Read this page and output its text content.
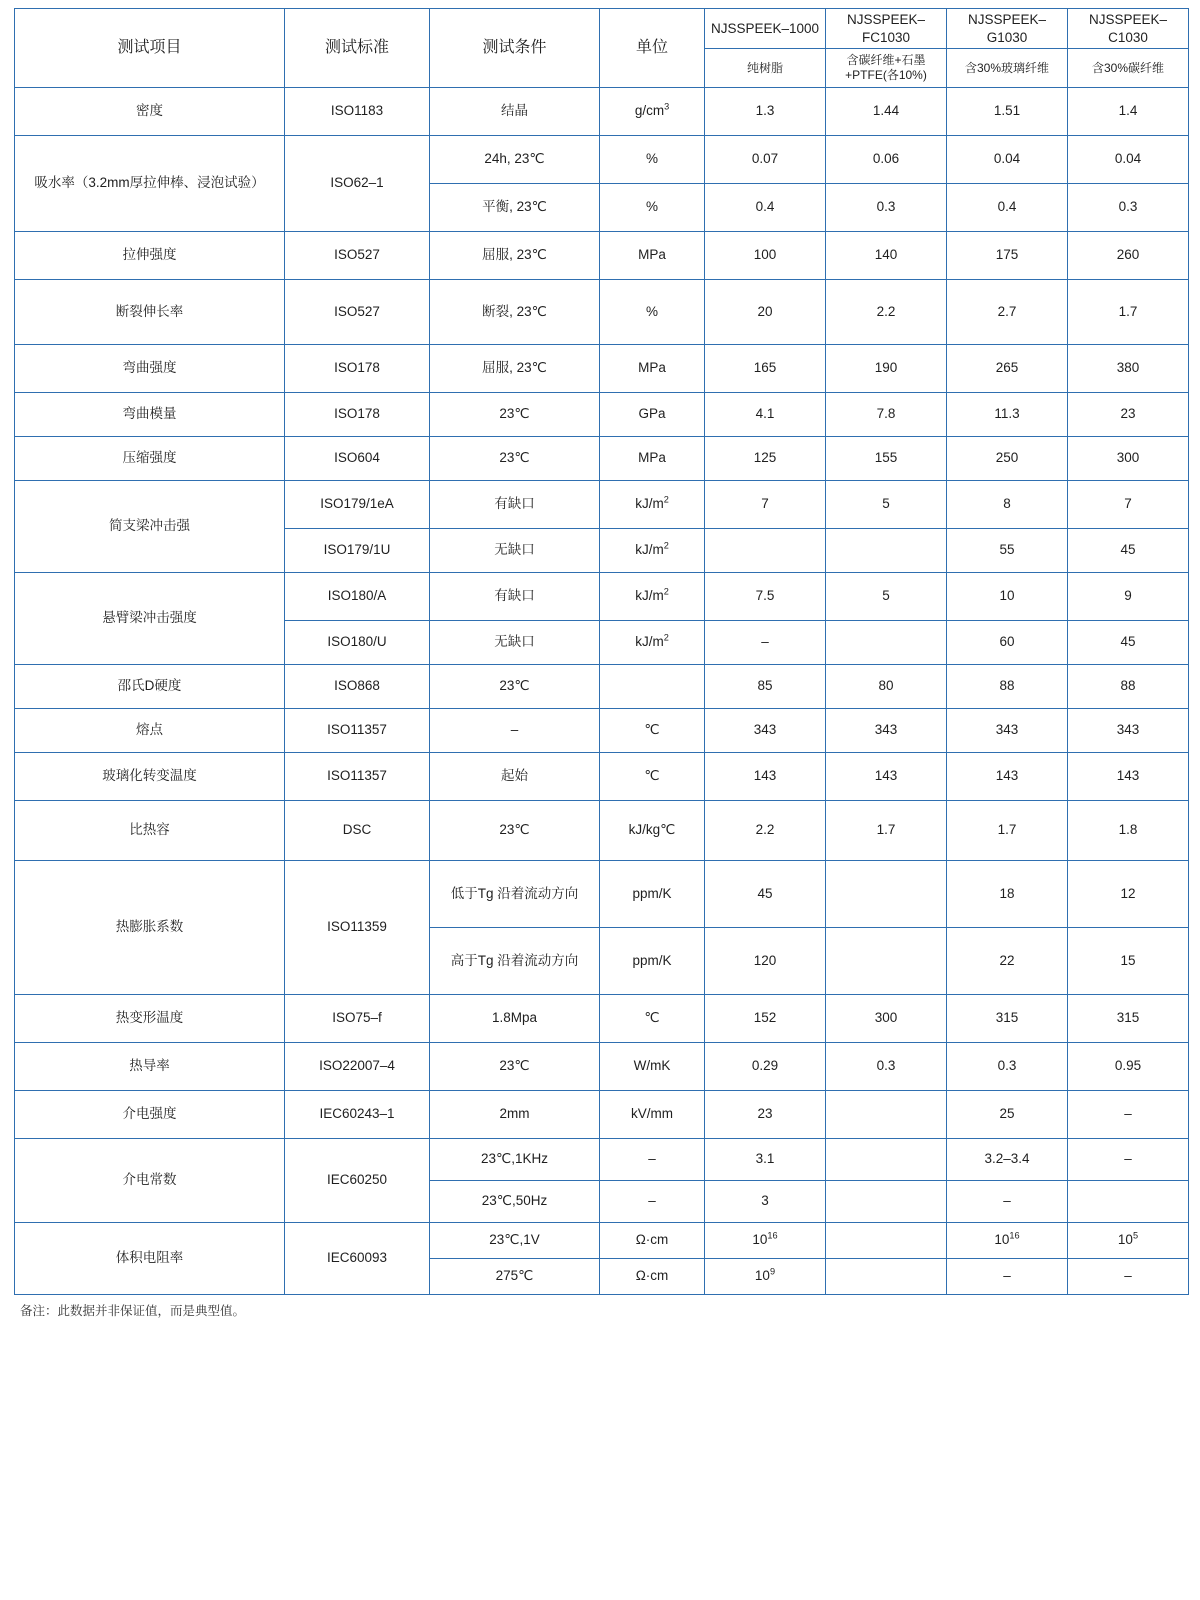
测试项目	测试标准	测试条件	单位	NJSSPEEK–1000	NJSSPEEK–FC1030	NJSSPEEK–G1030	NJSSPEEK–C1030
				纯树脂	含碳纤维+石墨+PTFE(各10%)	含30%玻璃纤维	含30%碳纤维
密度	ISO1183	结晶	$g/cm^3$	1.3	1.44	1.51	1.4
吸水率（3.2mm厚拉伸棒、浸泡试验）	ISO62–1	24h, 23℃	%	0.07	0.06	0.04	0.04
		平衡, 23℃	%	0.4	0.3	0.4	0.3
拉伸强度	ISO527	屈服, 23℃	MPa	100	140	175	260
断裂伸长率	ISO527	断裂, 23℃	%	20	2.2	2.7	1.7
弯曲强度	ISO178	屈服, 23℃	MPa	165	190	265	380
弯曲模量	ISO178	23℃	GPa	4.1	7.8	11.3	23
压缩强度	ISO604	23℃	MPa	125	155	250	300
简支梁冲击强	ISO179/1eA	有缺口	$kJ/m^2$	7	5	8	7
	ISO179/1U	无缺口	$kJ/m^2$			55	45
悬臂梁冲击强度	ISO180/A	有缺口	$kJ/m^2$	7.5	5	10	9
	ISO180/U	无缺口	$kJ/m^2$	–		60	45
邵氏D硬度	ISO868	23℃		85	80	88	88
熔点	ISO11357	–	℃	343	343	343	343
玻璃化转变温度	ISO11357	起始	℃	143	143	143	143
比热容	DSC	23℃	kJ/kg℃	2.2	1.7	1.7	1.8
热膨胀系数	ISO11359	低于Tg 沿着流动方向	ppm/K	45		18	12
		高于Tg 沿着流动方向	ppm/K	120		22	15
热变形温度	ISO75–f	1.8Mpa	℃	152	300	315	315
热导率	ISO22007–4	23℃	W/mK	0.29	0.3	0.3	0.95
介电强度	IEC60243–1	2mm	kV/mm	23		25	–
介电常数	IEC60250	23℃,1KHz	–	3.1		3.2–3.4	–
		23℃,50Hz	–	3		–	
体积电阻率	IEC60093	23℃,1V	Ω·cm	$10^{16}$		$10^{16}$	$10^5$
		275℃	Ω·cm	$10^9$		–	–
备注：此数据并非保证值，而是典型值。
